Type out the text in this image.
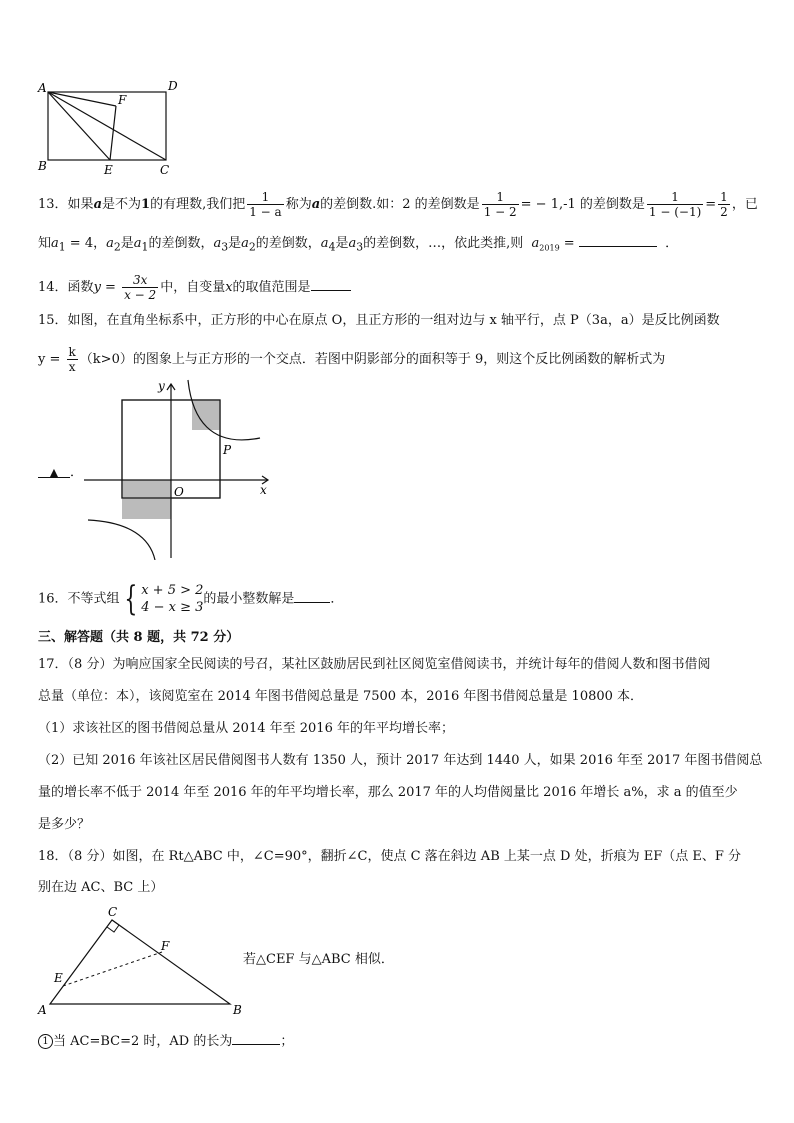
A	D
F
B	E	C
13．如果a是不为1的有理数,我们把 $\frac{1}{1 - a}$ 称为a的差倒数.如：2 的差倒数是 $\frac{1}{1 - 2}$ = − 1,-1 的差倒数是 $\frac{1}{1 - (-1)} = \frac{1}{2}$ ，已
知$a_1 = 4$，$a_2$是$a_1$的差倒数，$a_3$是$a_2$的差倒数，$a_4$是$a_3$的差倒数，…，依此类推,则 $a_{2019}$ =	．
14．函数$y = \frac{3x}{x - 2}$ 中，自变量x的取值范围是
15．如图，在直角坐标系中，正方形的中心在原点 O，且正方形的一组对边与 x 轴平行，点 P（3a，a）是反比例函数
$y = \frac{k}{x} (k>0)$的图象上与正方形的一个交点．若图中阴影部分的面积等于 9，则这个反比例函数的解析式为
y
x
O
P
▲ ．
16．不等式组 { x + 5 > 2
4 − x ≥ 3
的最小整数解是	．
三、解答题（共 8 题，共 72 分）
17．（8 分）为响应国家全民阅读的号召，某社区鼓励居民到社区阅览室借阅读书，并统计每年的借阅人数和图书借阅
总量（单位：本），该阅览室在 2014 年图书借阅总量是 7500 本，2016 年图书借阅总量是 10800 本．
（1）求该社区的图书借阅总量从 2014 年至 2016 年的年平均增长率；
（2）已知 2016 年该社区居民借阅图书人数有 1350 人，预计 2017 年达到 1440 人，如果 2016 年至 2017 年图书借阅总
量的增长率不低于 2014 年至 2016 年的年平均增长率，那么 2017 年的人均借阅量比 2016 年增长 a%，求 a 的值至少
是多少？
18．（8 分）如图，在 Rt△ABC 中，∠C=90°，翻折∠C，使点 C 落在斜边 AB 上某一点 D 处，折痕为 EF（点 E、F 分
别在边 AC、BC 上）
C
F
E
A	B
若△CEF 与△ABC 相似．
1 当 AC=BC=2 时，AD 的长为	；
